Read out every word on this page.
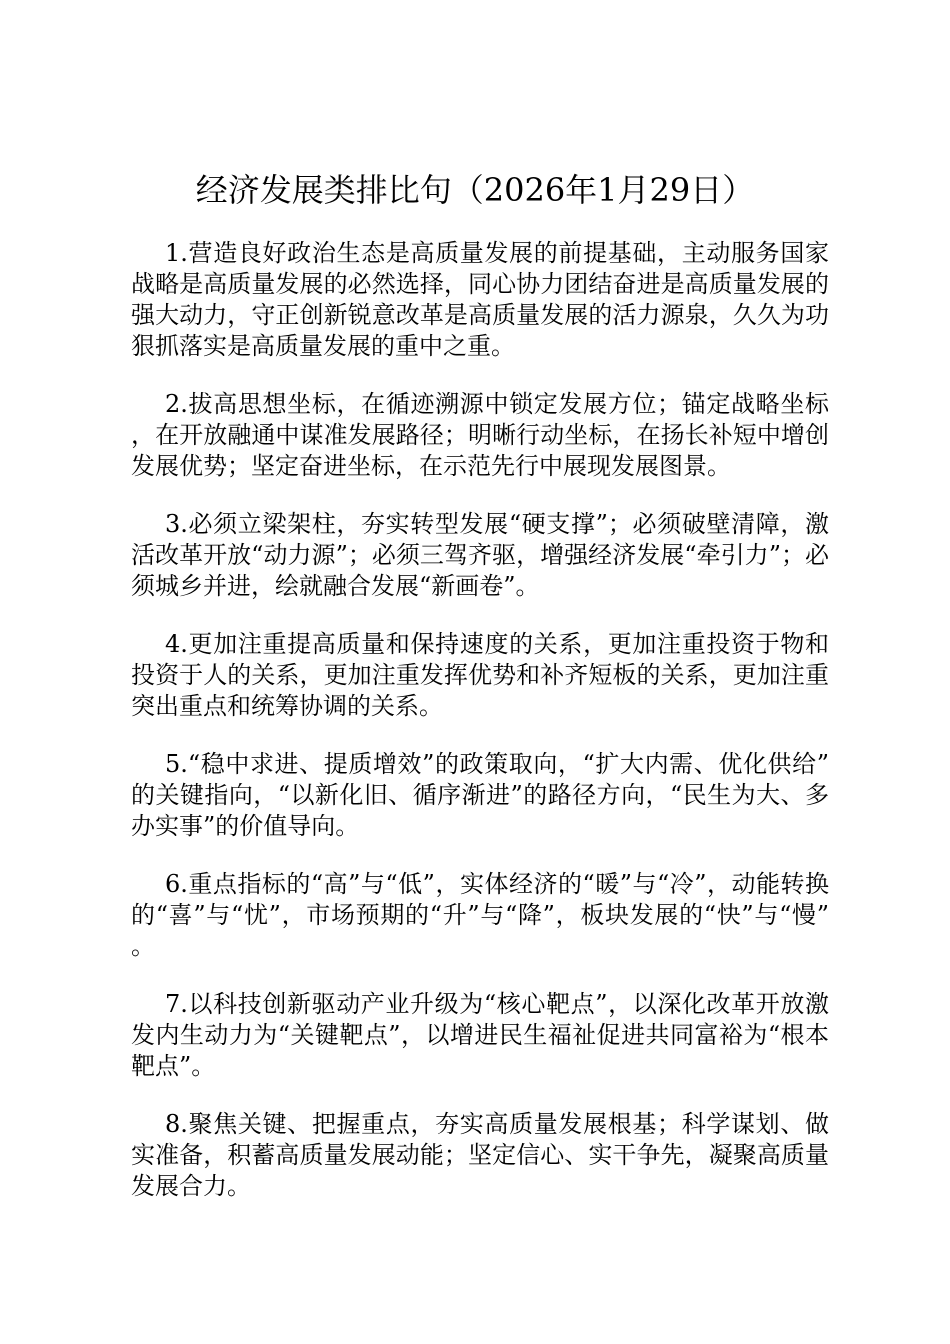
经济发展类排比句（2026年1月29日）

1.营造良好政治生态是高质量发展的前提基础，主动服务国家战略是高质量发展的必然选择，同心协力团结奋进是高质量发展的强大动力，守正创新锐意改革是高质量发展的活力源泉，久久为功狠抓落实是高质量发展的重中之重。

2.拔高思想坐标，在循迹溯源中锁定发展方位；锚定战略坐标，在开放融通中谋准发展路径；明晰行动坐标，在扬长补短中增创发展优势；坚定奋进坐标，在示范先行中展现发展图景。

3.必须立梁架柱，夯实转型发展“硬支撑”；必须破壁清障，激活改革开放“动力源”；必须三驾齐驱，增强经济发展“牵引力”；必须城乡并进，绘就融合发展“新画卷”。

4.更加注重提高质量和保持速度的关系，更加注重投资于物和投资于人的关系，更加注重发挥优势和补齐短板的关系，更加注重突出重点和统筹协调的关系。

5.“稳中求进、提质增效”的政策取向，“扩大内需、优化供给”的关键指向，“以新化旧、循序渐进”的路径方向，“民生为大、多办实事”的价值导向。

6.重点指标的“高”与“低”，实体经济的“暖”与“冷”，动能转换的“喜”与“忧”，市场预期的“升”与“降”，板块发展的“快”与“慢”。

7.以科技创新驱动产业升级为“核心靶点”，以深化改革开放激发内生动力为“关键靶点”，以增进民生福祉促进共同富裕为“根本靶点”。

8.聚焦关键、把握重点，夯实高质量发展根基；科学谋划、做实准备，积蓄高质量发展动能；坚定信心、实干争先，凝聚高质量发展合力。
